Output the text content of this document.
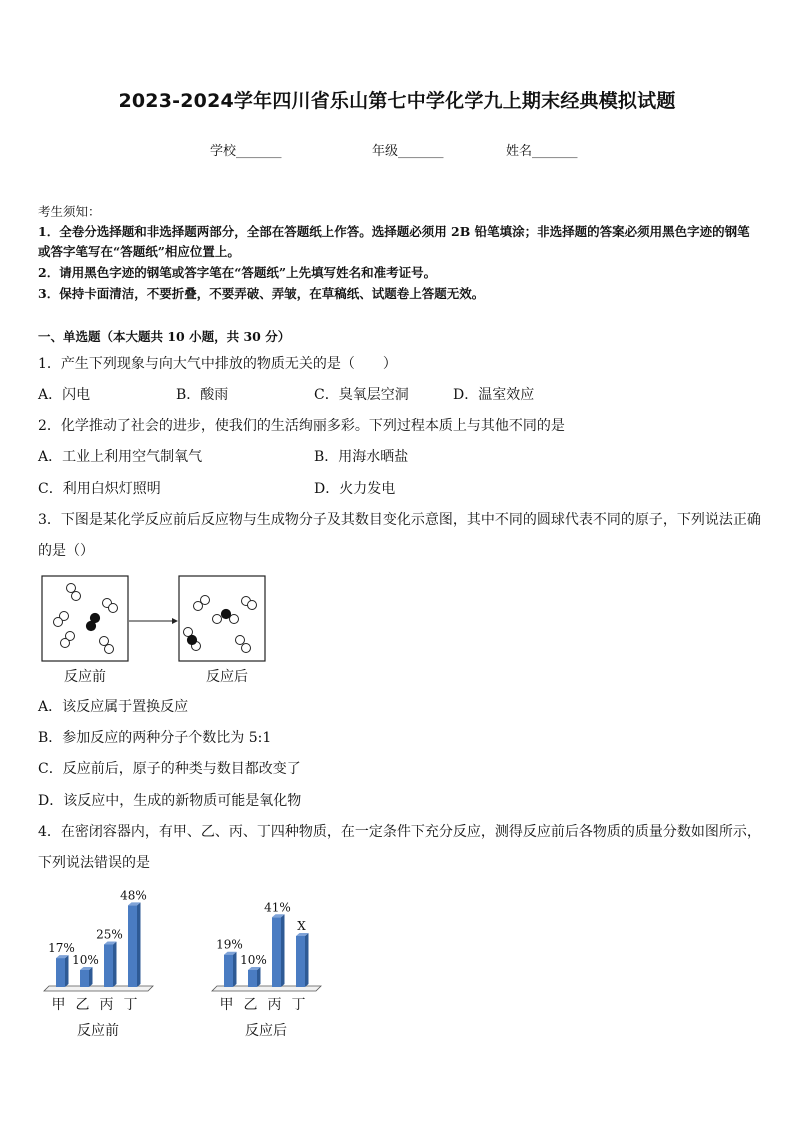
2023-2024学年四川省乐山第七中学化学九上期末经典模拟试题
学校_______	年级_______	姓名_______
考生须知：
1．全卷分选择题和非选择题两部分，全部在答题纸上作答。选择题必须用 2B 铅笔填涂；非选择题的答案必须用黑色字迹的钢笔或答字笔写在“答题纸”相应位置上。
2．请用黑色字迹的钢笔或答字笔在“答题纸”上先填写姓名和准考证号。
3．保持卡面清洁，不要折叠，不要弄破、弄皱，在草稿纸、试题卷上答题无效。
一、单选题（本大题共 10 小题，共 30 分）
1．产生下列现象与向大气中排放的物质无关的是（　　）
A．闪电	B．酸雨	C．臭氧层空洞	D．温室效应
2．化学推动了社会的进步，使我们的生活绚丽多彩。下列过程本质上与其他不同的是
A．工业上利用空气制氧气	B．用海水晒盐
C．利用白炽灯照明	D．火力发电
3．下图是某化学反应前后反应物与生成物分子及其数目变化示意图，其中不同的圆球代表不同的原子，下列说法正确
的是（）
反应前	反应后
A．该反应属于置换反应
B．参加反应的两种分子个数比为 5:1
C．反应前后，原子的种类与数目都改变了
D．该反应中，生成的新物质可能是氧化物
4．在密闭容器内，有甲、乙、丙、丁四种物质，在一定条件下充分反应，测得反应前后各物质的质量分数如图所示，
下列说法错误的是
17%
甲
10%
乙
25%
丙
48%
丁
反应前
19%
甲
10%
乙
41%
丙
X
丁
反应后
